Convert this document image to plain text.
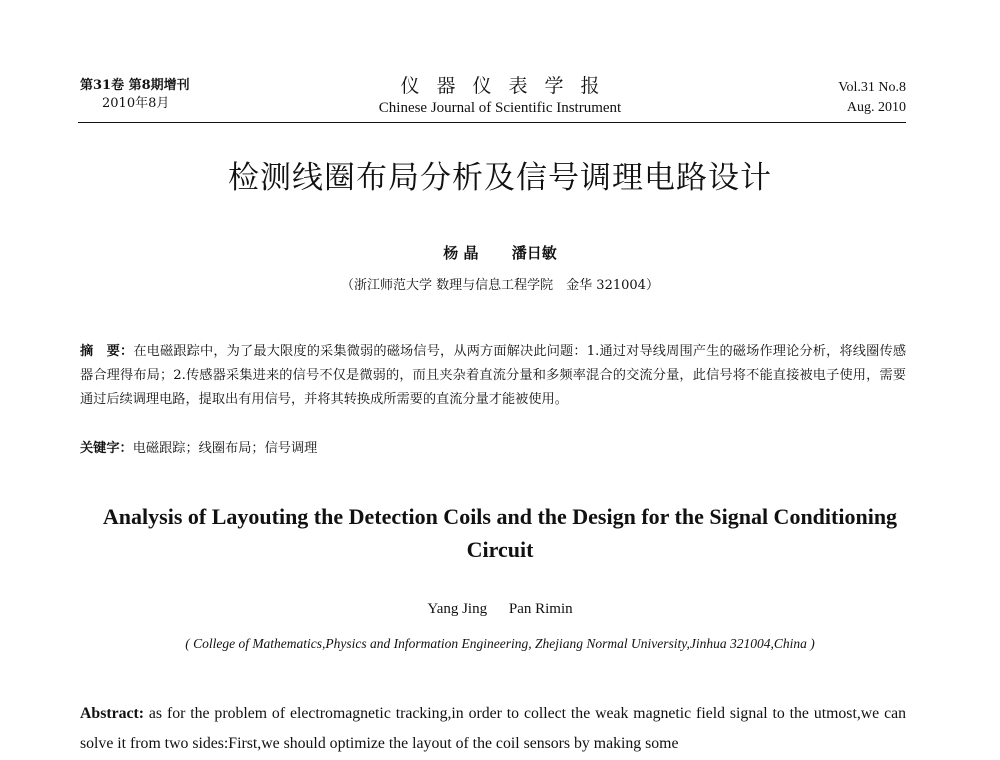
第31卷 第8期增刊
2010年8月
仪器仪表学报
Chinese Journal of Scientific Instrument
Vol.31 No.8
Aug. 2010
检测线圈布局分析及信号调理电路设计
杨 晶 潘日敏
（浙江师范大学 数理与信息工程学院　金华 321004）
摘　要：在电磁跟踪中，为了最大限度的采集微弱的磁场信号，从两方面解决此问题：1.通过对导线周围产生的磁场作理论分析，将线圈传感器合理得布局；2.传感器采集进来的信号不仅是微弱的，而且夹杂着直流分量和多频率混合的交流分量，此信号将不能直接被电子使用，需要通过后续调理电路，提取出有用信号，并将其转换成所需要的直流分量才能被使用。
关键字：电磁跟踪；线圈布局；信号调理
Analysis of Layouting the Detection Coils and the Design for the Signal Conditioning Circuit
Yang Jing Pan Rimin
( College of Mathematics,Physics and Information Engineering, Zhejiang Normal University,Jinhua 321004,China )
Abstract: as for the problem of electromagnetic tracking,in order to collect the weak magnetic field signal to the utmost,we can solve it from two sides:First,we should optimize the layout of the coil sensors by making some
